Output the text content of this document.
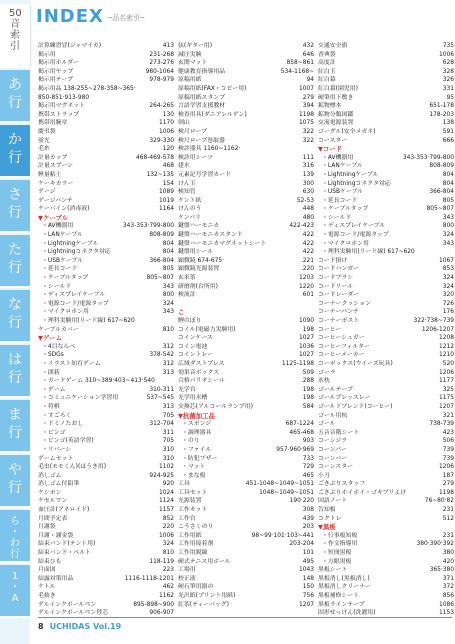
50音索引
あ
行
か
行
さ
行
た
行
な
行
は
行
ま
行
や
行
ら
・
わ
行
1
・
A
INDEX ─品名索引─
計算練習冒(ジャマイカ)	413
掲示用	231-268
掲示用ホルダー	273-276
掲示用ヤップ	980-1064
掲示用テープ	978-979
掲示用品 138-255~278-358~365·
850-851·913-980
掲示用マグネット	264-265
携帯ストラップ	130
携帯用腕章	1170
慶弔袋	1006
蛍光	329-330
毛糸	120
計量カップ	468-469-578
計量スプーン	468
軽量粘土	132~135
ケーキカラー	154
ゲージ	1089
ゲージパンチ	1019
ケーバイン(消毒液)	1164
▼ケーブル
・AV機器用	343-353·799-800
・LANケーブル	808-809
・Lightningケーブル	804
・Lightningコネクタ対応	804
・USBケーブル	366-804
・延長コード	805
・ケーブルタップ	805~807
・シールド	343
・ディスプレイケーブル	800
・電源コード/電源タップ	324
・マイクロホン用	343
・理科実験用(リード線) 617~620
ケーブルカバー	810
▼ゲーム
・4目ならべ	312
・SDGs	378-542
・イラスト知育ゲーム	312
・囲碁	313
・カードゲーム 310~389·403~413·540
・ゲーム	310-311
・コミュニケーション学習用	537~545
・将棋	313
・すごろく	705
・ドミノたおし	312-704
・ビンゴ	311
・ビンゴ(英語学習)	705
・リバーシ	310
ゲームセット	310
毛虫(モモくん)(ほうき用)	1102
消しゴム	924-925
消しゴム付鉛筆	920
ケシポン	1024
ケセルワン	1124
血圧計(アネロイド)	1157
月間予定表	852
月謝袋	220
月謝・謝金袋	1006
結束バンド(テント用)	324
結束バンド・ベルト	810
結束ひも	118-119
月面図	223
結露対策用品	1116-1118-1201
ケトル	462
毛抜き	1162
ゲルインクボールペン	895-898~900
ゲルインクボールペン替芯	906-907
弦(ギター用)	432
減圧実験	646
玄関マット	858~861
健康教育指導用品	534-1168~
原稿用紙	94
原稿用紙(FAX・コピー用)	1007
原稿用紙スタンプ	279
言語学習支援教材	394
検査用具(ダニアレルゲン)	1198
剣山	1075
検尺ロープ	322
検尺ロープ巻取器	322
検診器具 1160~1162·
検診用シーツ	111
建水	316
元素記号学習カード	139
けん玉	300
検知管	630
ケント紙	52-53
けんのう	448
ケンパリ	480
鍵盤ハーモニカ	422-423
鍵盤ハーモニカスタンド	422
鍵盤ハーモニカマグネットシート	422
鍵盤用シール	422
顕微鏡 674-675·	221
顕微鏡光源装置	220
玄米茶	1203
研磨剤(台所用)	1220
検流計	601
こ
鯉のぼり	1090
コイル(電磁力実験用)	198
コインケース	1027
コイン電池	1036
コイントレー	1027
広域ダストプレス	1125-1198
効果音ボックス	509
合格パリオシール	288
光学台	198
光学用水槽	198
交換芯(アルコールランプ用)	584
▼抗菌加工品
・スポンジ	687-1224
・調理器具	465-468
・のり	903
・ファイル	957-960·969
・防犯ブザー	733
・マット	729
・まな板	465
工具	451-1048~1049~1051
工具セット	1048~1049~1051
光源装置	190·220
工作キット	308
工作台	439
こうさくのり	203
工作用紙	98~99·101·103~441
工作用接着剤	203-204
工作用鋭線	101
硬式テニス用ボール	495
工場用	1043
校正液	148
硬石筆用器の	150
光沢紙(プリント用紙)	756
紅茶(ティーバッグ)	1207
交通安全旗	735
香典袋	1006
高度計	628
紅白玉	328
紅白幕	326
紅白幕(園児用)	331
硬筆用下敷き	95
鉱物標本	651-178
鉱物分類図鑑	178-203
交流電源装置	138
ゴーグル(安全メガネ)	591
コースター	666
▼コード
・AV機器用	343-353·799-800
・LANケーブル	808-809
・Lightningケーブル	804
・Lightningコネクタ対応	804
・USBケーブル	366-804
・延長コード	805
・ケーブルタップ	805~807
・シールド	343
・ディスプレイケーブル	800
・電源コード/電源タップ	324
・マイクロホン用	343
・理科実験用(リード線) 617~620
コード掛け	1067
コードハンガー	853
コードブラシ	324
コードリール	324
コードレーダー	320
コーナークッション	726
コーナーパンチ	176
コーナーポスト	322·738~739
コーヒー	1206-1207
コーヒーシュガー	1208
コーヒーフィルター	1212
コーヒーメーカー	1210
コーポックス(ウイーズ玩具)	520
ゴーラ	1206
氷枕	1177
ゴールテープ	325
ゴールプレッスレー	1175
ゴールドブレンド(コーヒー)	1207
ゴール用杭	321
ゴール	738-739
五音音階シート	423
コーンジラ	506
コーンパー	739
コーンバー	739
コーンスター	1206
小刀	187
ごきぶりスタッフ	279
ごきぶりホイホイ・ゴキブリよけ	1198
国語ノート	76~80·82
告知板	231
コクトレ	512
▼黒板
・行事板知板	231
・作文指導用	380·390·392
・短冊黒板	380
・方眼黒板	420
黒板シート	365·380
黒板消し(黒板消し)	371
黒板消しクリーナー	372
黒板補修シート	856
黒板ラインテープ	1086
固形せっけん(洗濯用)	1153
8 UCHIDAS Vol.19
